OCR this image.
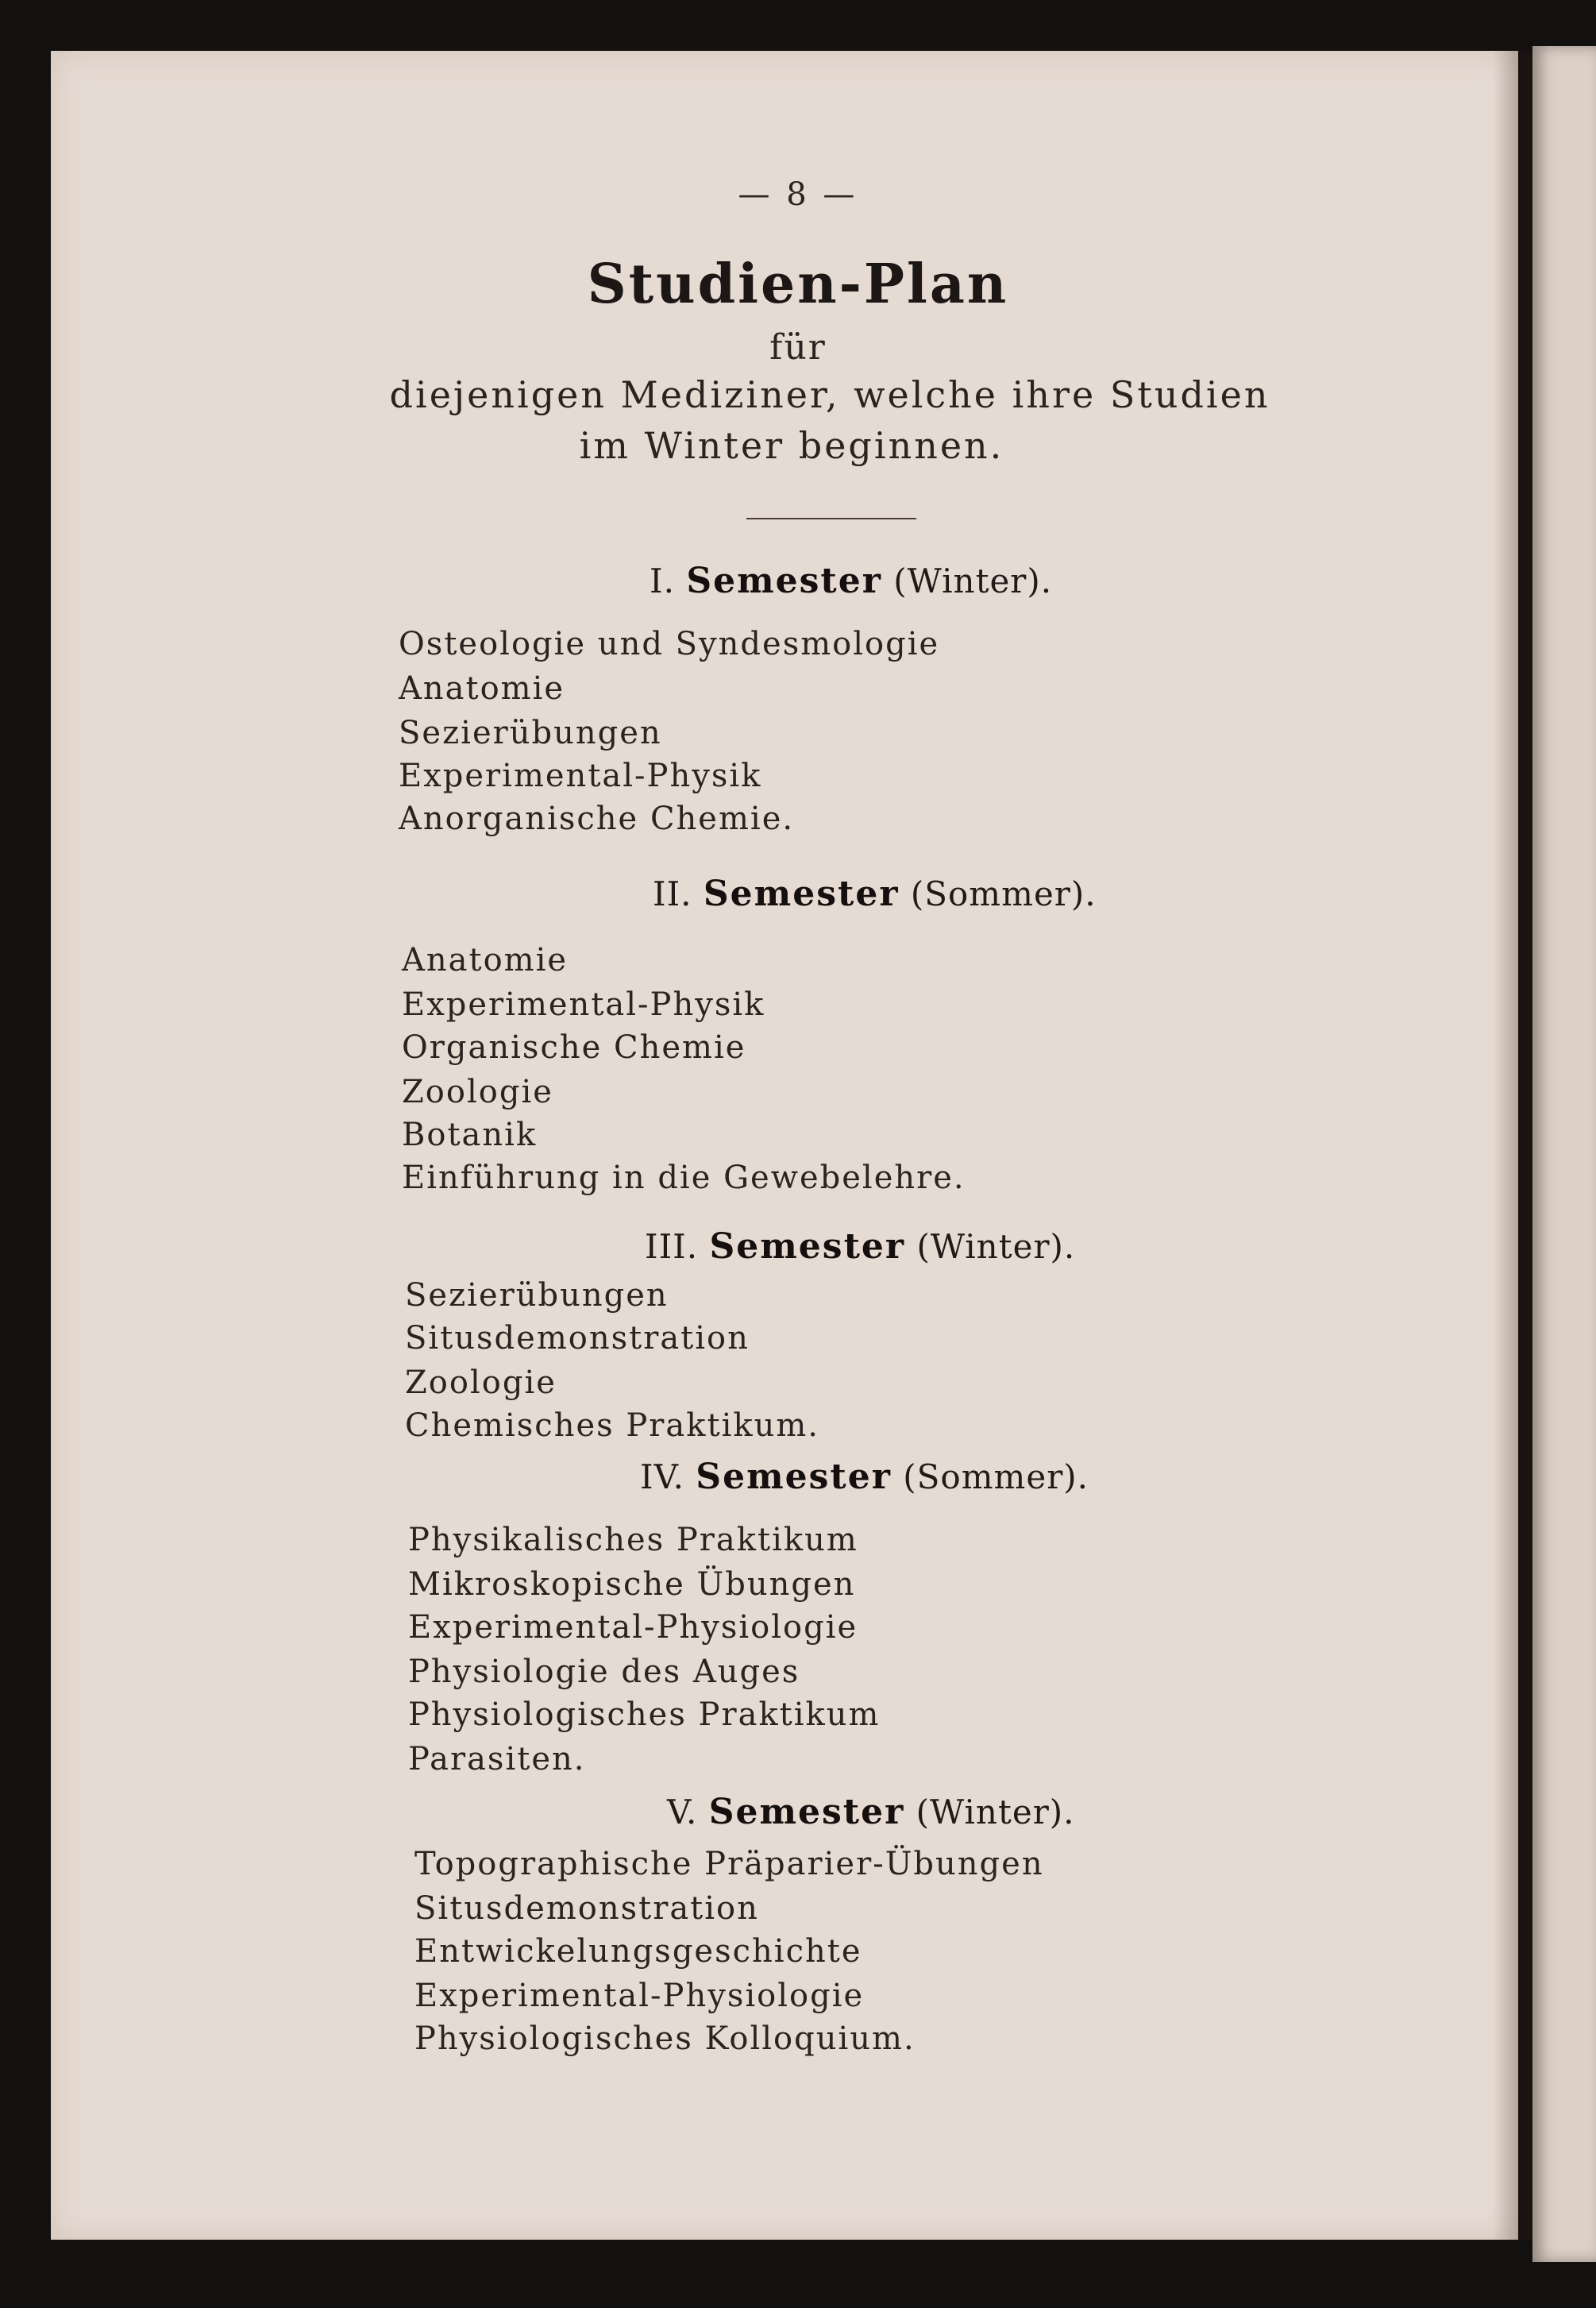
— 8 —
Studien-Plan
für
diejenigen Mediziner, welche ihre Studien
im Winter beginnen.
I. Semester (Winter).
Osteologie und Syndesmologie
Anatomie
Sezierübungen
Experimental-Physik
Anorganische Chemie.
II. Semester (Sommer).
Anatomie
Experimental-Physik
Organische Chemie
Zoologie
Botanik
Einführung in die Gewebelehre.
III. Semester (Winter).
Sezierübungen
Situsdemonstration
Zoologie
Chemisches Praktikum.
IV. Semester (Sommer).
Physikalisches Praktikum
Mikroskopische Übungen
Experimental-Physiologie
Physiologie des Auges
Physiologisches Praktikum
Parasiten.
V. Semester (Winter).
Topographische Präparier-Übungen
Situsdemonstration
Entwickelungsgeschichte
Experimental-Physiologie
Physiologisches Kolloquium.
